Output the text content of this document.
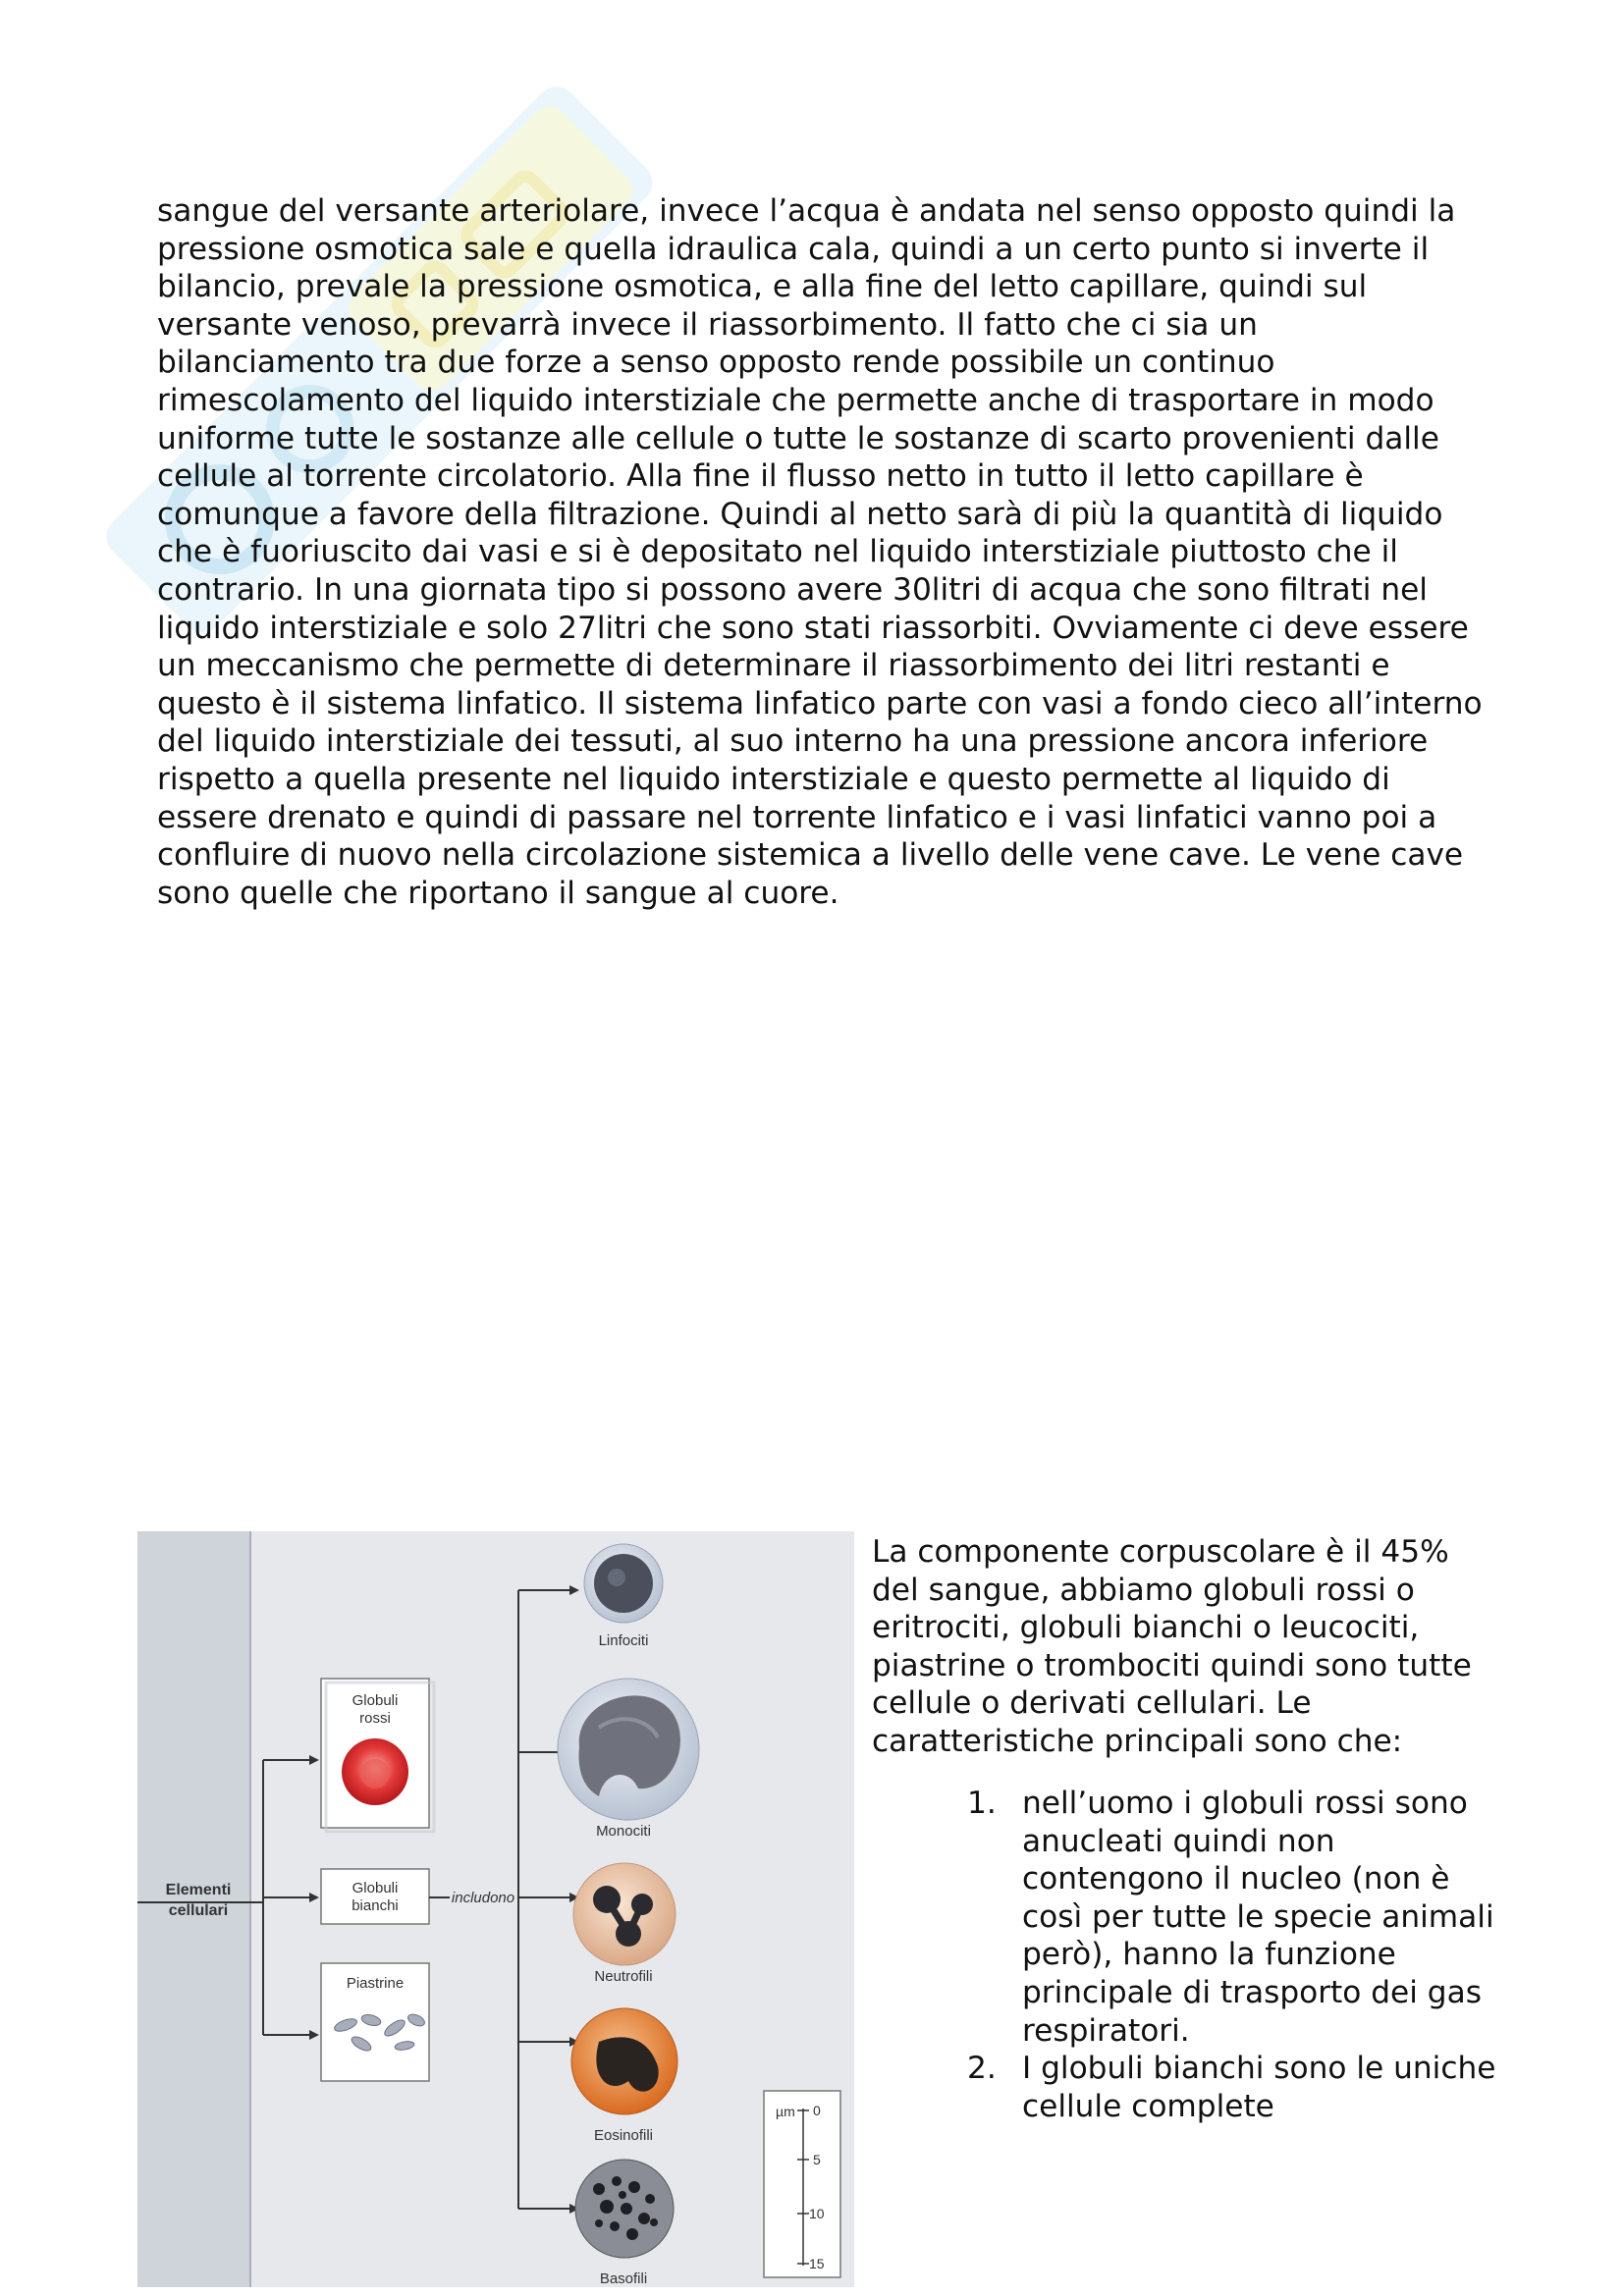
sangue del versante arteriolare, invece l’acqua è andata nel senso opposto quindi la pressione osmotica sale e quella idraulica cala, quindi a un certo punto si inverte il bilancio, prevale la pressione osmotica, e alla fine del letto capillare, quindi sul versante venoso, prevarrà invece il riassorbimento. Il fatto che ci sia un bilanciamento tra due forze a senso opposto rende possibile un continuo rimescolamento del liquido interstiziale che permette anche di trasportare in modo uniforme tutte le sostanze alle cellule o tutte le sostanze di scarto provenienti dalle cellule al torrente circolatorio. Alla fine il flusso netto in tutto il letto capillare è comunque a favore della filtrazione. Quindi al netto sarà di più la quantità di liquido che è fuoriuscito dai vasi e si è depositato nel liquido interstiziale piuttosto che il contrario. In una giornata tipo si possono avere 30litri di acqua che sono filtrati nel liquido interstiziale e solo 27litri che sono stati riassorbiti. Ovviamente ci deve essere un meccanismo che permette di determinare il riassorbimento dei litri restanti e questo è il sistema linfatico. Il sistema linfatico parte con vasi a fondo cieco all’interno del liquido interstiziale dei tessuti, al suo interno ha una pressione ancora inferiore rispetto a quella presente nel liquido interstiziale e questo permette al liquido di essere drenato e quindi di passare nel torrente linfatico e i vasi linfatici vanno poi a confluire di nuovo nella circolazione sistemica a livello delle vene cave. Le vene cave sono quelle che riportano il sangue al cuore.

Elementi
cellulari
Globuli
rossi
Globuli
bianchi
Piastrine
includono
Linfociti
Monociti
Neutrofili
Eosinofili
Basofili
µm 0
5
10
15

La componente corpuscolare è il 45% del sangue, abbiamo globuli rossi o eritrociti, globuli bianchi o leucociti, piastrine o trombociti quindi sono tutte cellule o derivati cellulari. Le caratteristiche principali sono che:

1. nell’uomo i globuli rossi sono anucleati quindi non contengono il nucleo (non è così per tutte le specie animali però), hanno la funzione principale di trasporto dei gas respiratori.
2. I globuli bianchi sono le uniche cellule complete
